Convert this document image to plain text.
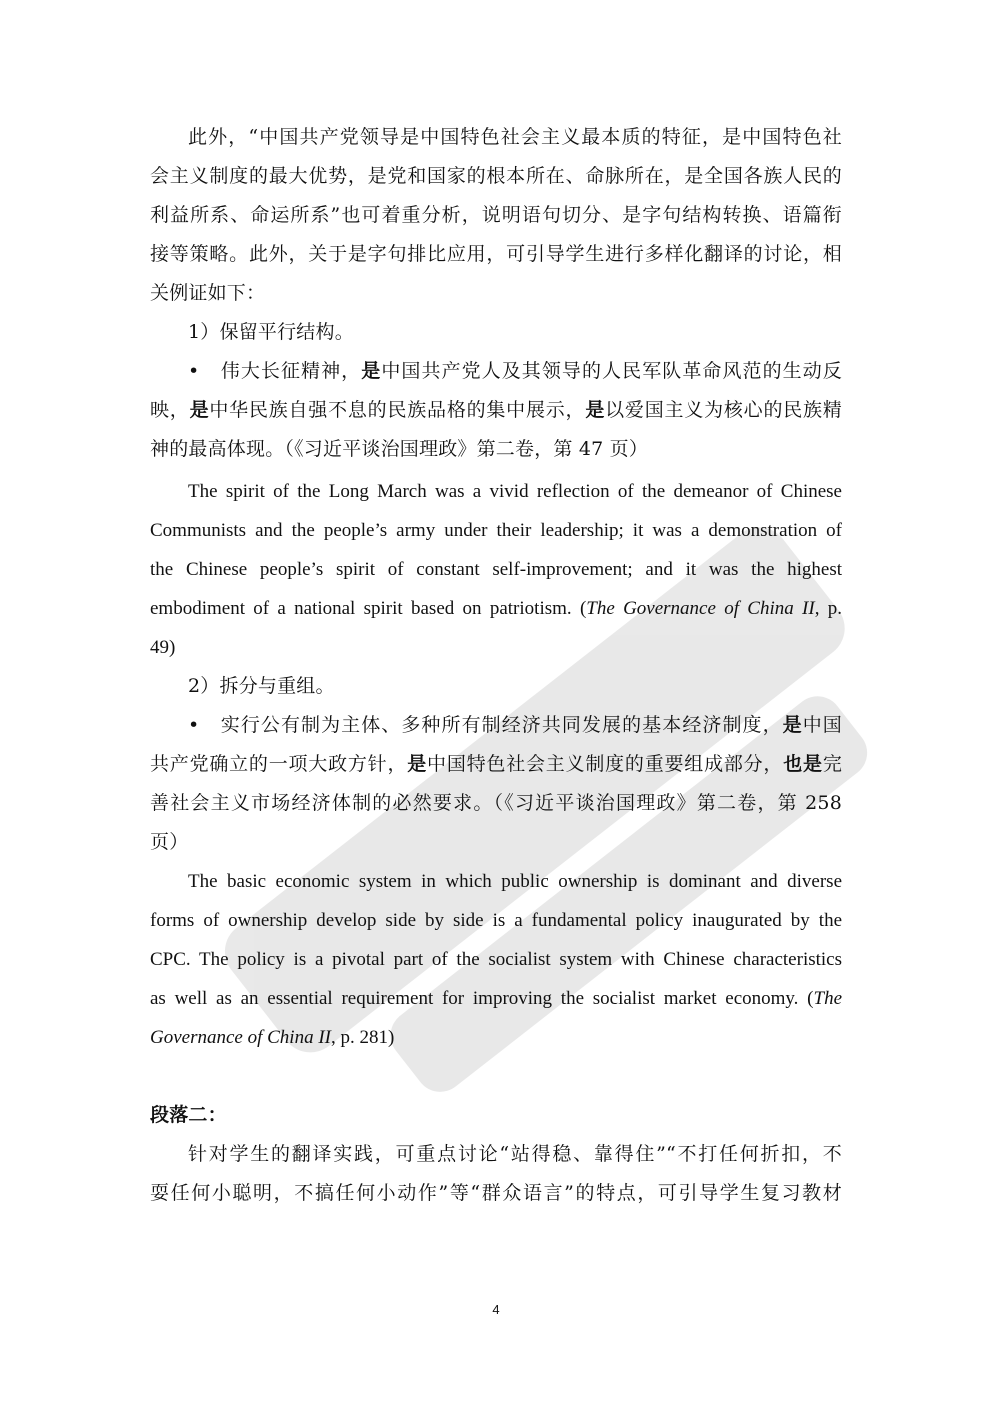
此外，“中国共产党领导是中国特色社会主义最本质的特征，是中国特色社
会主义制度的最大优势，是党和国家的根本所在、命脉所在，是全国各族人民的
利益所系、命运所系”也可着重分析，说明语句切分、是字句结构转换、语篇衔
接等策略。此外，关于是字句排比应用，可引导学生进行多样化翻译的讨论，相
关例证如下：
1）保留平行结构。
• 伟大长征精神，是中国共产党人及其领导的人民军队革命风范的生动反
映，是中华民族自强不息的民族品格的集中展示，是以爱国主义为核心的民族精
神的最高体现。（《习近平谈治国理政》第二卷，第 47 页）
The spirit of the Long March was a vivid reflection of the demeanor of Chinese
Communists and the people’s army under their leadership; it was a demonstration of
the Chinese people’s spirit of constant self-improvement; and it was the highest
embodiment of a national spirit based on patriotism. (The Governance of China II, p.
49)
2）拆分与重组。
• 实行公有制为主体、多种所有制经济共同发展的基本经济制度，是中国
共产党确立的一项大政方针，是中国特色社会主义制度的重要组成部分，也是完
善社会主义市场经济体制的必然要求。（《习近平谈治国理政》第二卷，第 258
页）
The basic economic system in which public ownership is dominant and diverse
forms of ownership develop side by side is a fundamental policy inaugurated by the
CPC. The policy is a pivotal part of the socialist system with Chinese characteristics
as well as an essential requirement for improving the socialist market economy. (The
Governance of China II, p. 281)
段落二：
针对学生的翻译实践，可重点讨论“站得稳、靠得住”“不打任何折扣，不
耍任何小聪明，不搞任何小动作”等“群众语言”的特点，可引导学生复习教材
4
